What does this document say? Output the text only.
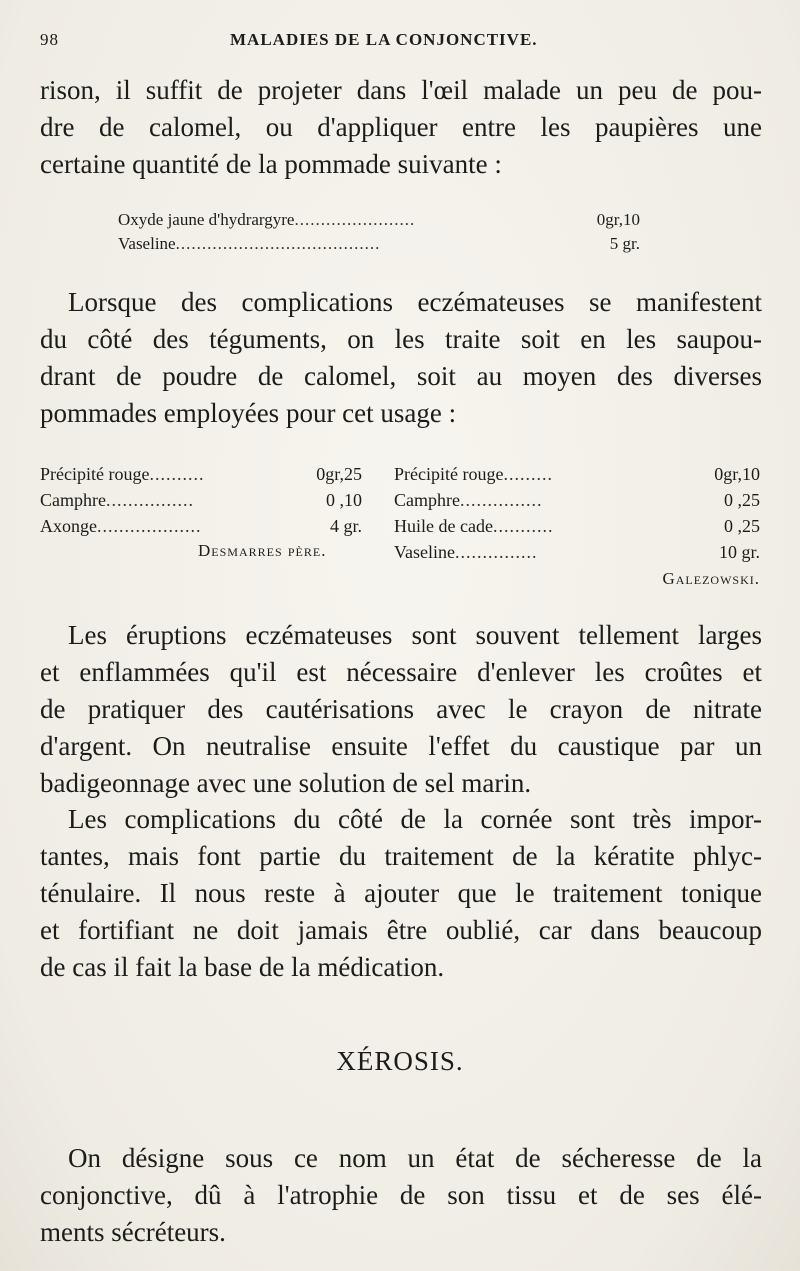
98	MALADIES DE LA CONJONCTIVE.
rison, il suffit de projeter dans l'œil malade un peu de pou-
dre de calomel, ou d'appliquer entre les paupières une
certaine quantité de la pommade suivante :
Oxyde jaune d'hydrargyre.......................	0gr,10
Vaseline.......................................	5 gr.
Lorsque des complications eczémateuses se manifestent
du côté des téguments, on les traite soit en les saupou-
drant de poudre de calomel, soit au moyen des diverses
pommades employées pour cet usage :
Précipité rouge..........	0gr,25
Camphre................	0 ,10
Axonge...................	4 gr.
Desmarres père.
Précipité rouge.........	0gr,10
Camphre...............	0 ,25
Huile de cade...........	0 ,25
Vaseline...............	10 gr.
Galezowski.
Les éruptions eczémateuses sont souvent tellement larges
et enflammées qu'il est nécessaire d'enlever les croûtes et
de pratiquer des cautérisations avec le crayon de nitrate
d'argent. On neutralise ensuite l'effet du caustique par un
badigeonnage avec une solution de sel marin.
Les complications du côté de la cornée sont très impor-
tantes, mais font partie du traitement de la kératite phlyc-
ténulaire. Il nous reste à ajouter que le traitement tonique
et fortifiant ne doit jamais être oublié, car dans beaucoup
de cas il fait la base de la médication.
XÉROSIS.
On désigne sous ce nom un état de sécheresse de la
conjonctive, dû à l'atrophie de son tissu et de ses élé-
ments sécréteurs.
